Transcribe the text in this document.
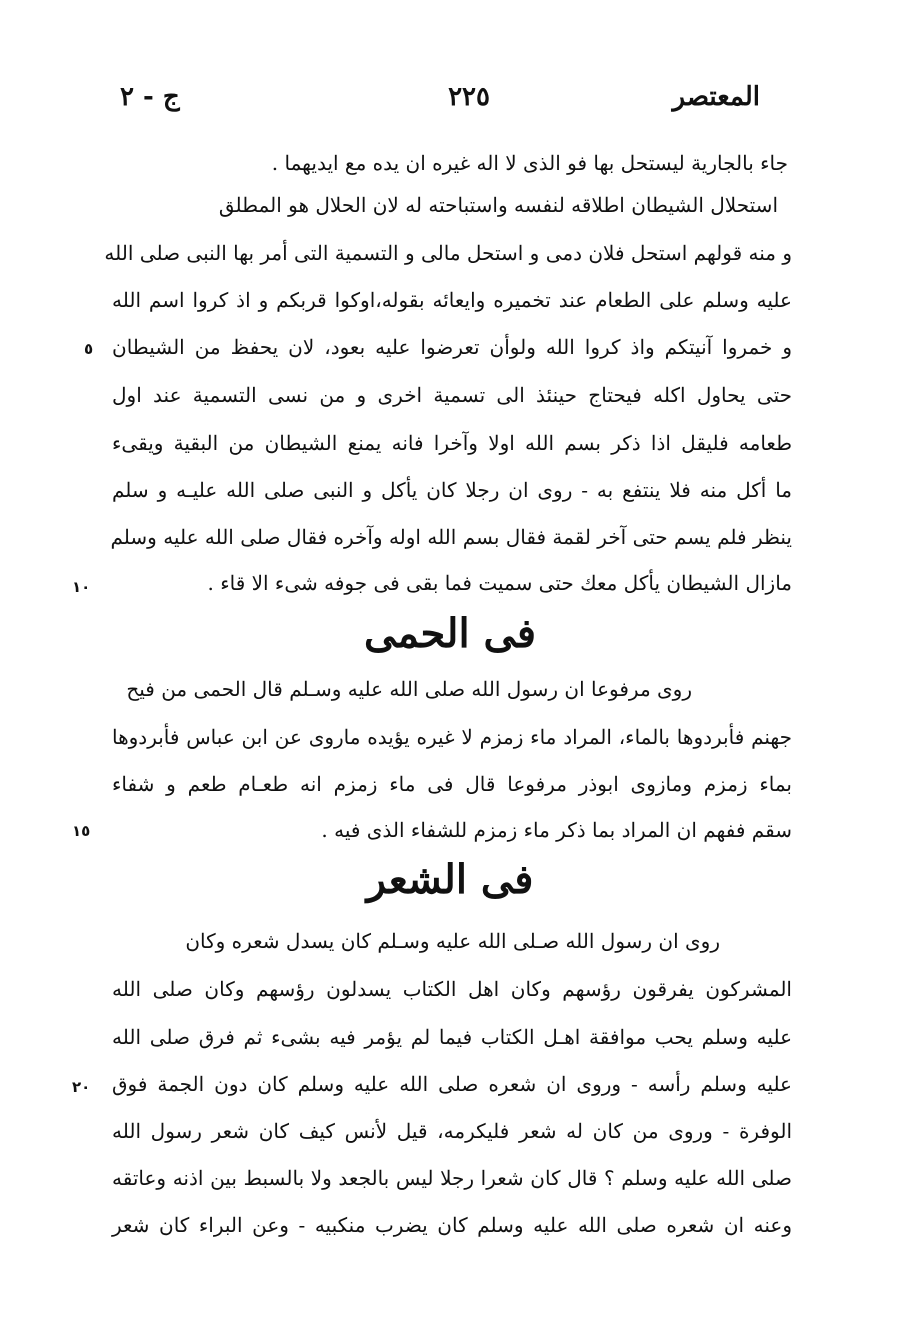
المعتصر
٢٢٥
ج - ٢
جاء بالجارية ليستحل بها فو الذى لا اله غيره ان يده مع ايديهما .
استحلال الشيطان اطلاقه لنفسه واستباحته له لان الحلال هو المطلق
و منه قولهم استحل فلان دمى و استحل مالى و التسمية التى أمر بها النبى صلى الله
عليه وسلم على الطعام عند تخميره وايعائه بقوله،اوكوا قربكم و اذ كروا اسم الله
و خمروا آنيتكم واذ كروا الله ولوأن تعرضوا عليه بعود، لان يحفظ من الشيطان
حتى يحاول اكله فيحتاج حينئذ الى تسمية اخرى و من نسى التسمية عند اول
طعامه فليقل اذا ذكر بسم الله اولا وآخرا فانه يمنع الشيطان من البقية ويقىء
ما أكل منه فلا ينتفع به - روى ان رجلا كان يأكل و النبى صلى الله عليـه و سلم
ينظر فلم يسم حتى آخر لقمة فقال بسم الله اوله وآخره فقال صلى الله عليه وسلم
مازال الشيطان يأكل معك حتى سميت فما بقى فى جوفه شىء الا قاء .
٥
١٠
فى الحمى
روى مرفوعا ان رسول الله صلى الله عليه وسـلم قال الحمى من فيح
جهنم فأبردوها بالماء، المراد ماء زمزم لا غيره يؤيده ماروى عن ابن عباس فأبردوها
بماء زمزم ومازوى ابوذر مرفوعا قال فى ماء زمزم انه طعـام طعم و شفاء
سقم ففهم ان المراد بما ذكر ماء زمزم للشفاء الذى فيه .
١٥
فى الشعر
روى ان رسول الله صـلى الله عليه وسـلم كان يسدل شعره وكان
المشركون يفرقون رؤسهم وكان اهل الكتاب يسدلون رؤسهم وكان صلى الله
عليه وسلم يحب موافقة اهـل الكتاب فيما لم يؤمر فيه بشىء ثم فرق صلى الله
عليه وسلم رأسه - وروى ان شعره صلى الله عليه وسلم كان دون الجمة فوق
الوفرة - وروى من كان له شعر فليكرمه، قيل لأنس كيف كان شعر رسول الله
صلى الله عليه وسلم ؟ قال كان شعرا رجلا ليس بالجعد ولا بالسبط بين اذنه وعاتقه
وعنه ان شعره صلى الله عليه وسلم كان يضرب منكبيه - وعن البراء كان شعر
٢٠
